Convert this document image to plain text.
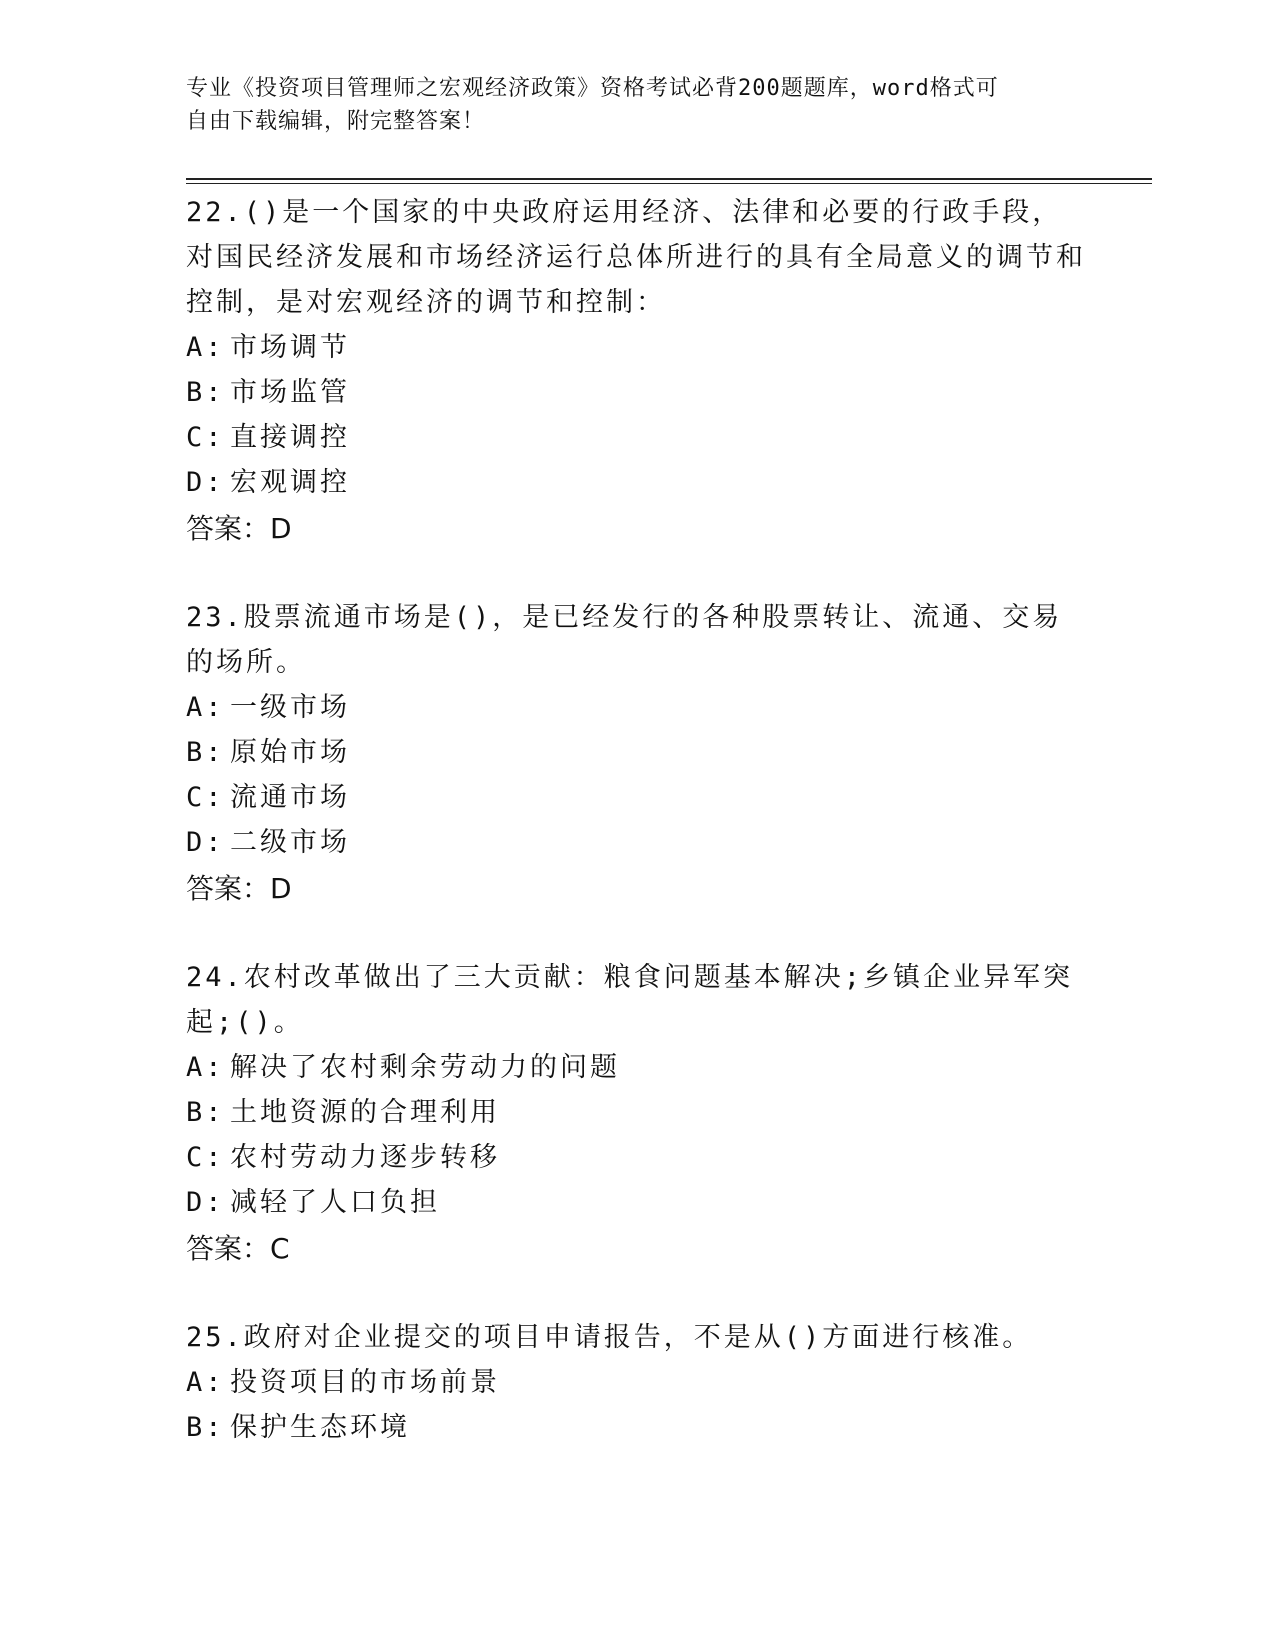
专业《投资项目管理师之宏观经济政策》资格考试必背200题题库，word格式可
自由下载编辑，附完整答案！

22.()是一个国家的中央政府运用经济、法律和必要的行政手段，对国民经济发展和市场经济运行总体所进行的具有全局意义的调节和控制，是对宏观经济的调节和控制：

A: 市场调节
B: 市场监管
C: 直接调控
D: 宏观调控

答案：D

23.股票流通市场是()，是已经发行的各种股票转让、流通、交易的场所。

A: 一级市场
B: 原始市场
C: 流通市场
D: 二级市场

答案：D

24.农村改革做出了三大贡献：粮食问题基本解决;乡镇企业异军突起;()。

A: 解决了农村剩余劳动力的问题
B: 土地资源的合理利用
C: 农村劳动力逐步转移
D: 减轻了人口负担

答案：C

25.政府对企业提交的项目申请报告，不是从()方面进行核准。

A: 投资项目的市场前景
B: 保护生态环境
